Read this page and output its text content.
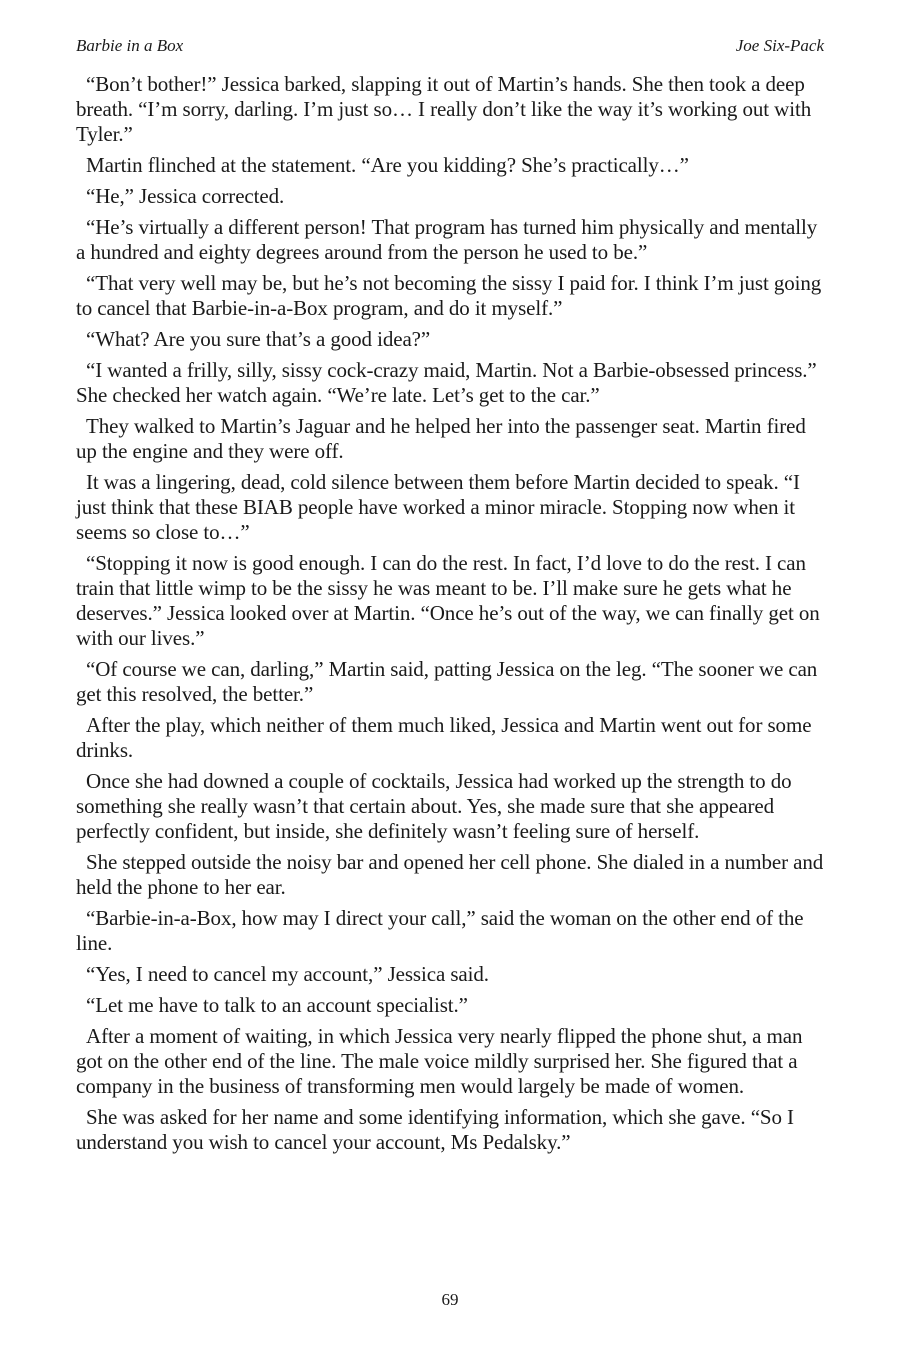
Barbie in a Box	Joe Six-Pack

“Bon’t bother!” Jessica barked, slapping it out of Martin’s hands. She then took a deep breath. “I’m sorry, darling. I’m just so… I really don’t like the way it’s working out with Tyler.”

Martin flinched at the statement. “Are you kidding? She’s practically…”

“He,” Jessica corrected.

“He’s virtually a different person! That program has turned him physically and mentally a hundred and eighty degrees around from the person he used to be.”

“That very well may be, but he’s not becoming the sissy I paid for. I think I’m just going to cancel that Barbie-in-a-Box program, and do it myself.”

“What? Are you sure that’s a good idea?”

“I wanted a frilly, silly, sissy cock-crazy maid, Martin. Not a Barbie-obsessed princess.” She checked her watch again. “We’re late. Let’s get to the car.”

They walked to Martin’s Jaguar and he helped her into the passenger seat. Martin fired up the engine and they were off.

It was a lingering, dead, cold silence between them before Martin decided to speak. “I just think that these BIAB people have worked a minor miracle. Stopping now when it seems so close to…”

“Stopping it now is good enough. I can do the rest. In fact, I’d love to do the rest. I can train that little wimp to be the sissy he was meant to be. I’ll make sure he gets what he deserves.” Jessica looked over at Martin. “Once he’s out of the way, we can finally get on with our lives.”

“Of course we can, darling,” Martin said, patting Jessica on the leg. “The sooner we can get this resolved, the better.”

After the play, which neither of them much liked, Jessica and Martin went out for some drinks.

Once she had downed a couple of cocktails, Jessica had worked up the strength to do something she really wasn’t that certain about. Yes, she made sure that she appeared perfectly confident, but inside, she definitely wasn’t feeling sure of herself.

She stepped outside the noisy bar and opened her cell phone. She dialed in a number and held the phone to her ear.

“Barbie-in-a-Box, how may I direct your call,” said the woman on the other end of the line.

“Yes, I need to cancel my account,” Jessica said.

“Let me have to talk to an account specialist.”

After a moment of waiting, in which Jessica very nearly flipped the phone shut, a man got on the other end of the line. The male voice mildly surprised her. She figured that a company in the business of transforming men would largely be made of women.

She was asked for her name and some identifying information, which she gave. “So I understand you wish to cancel your account, Ms Pedalsky.”

69
